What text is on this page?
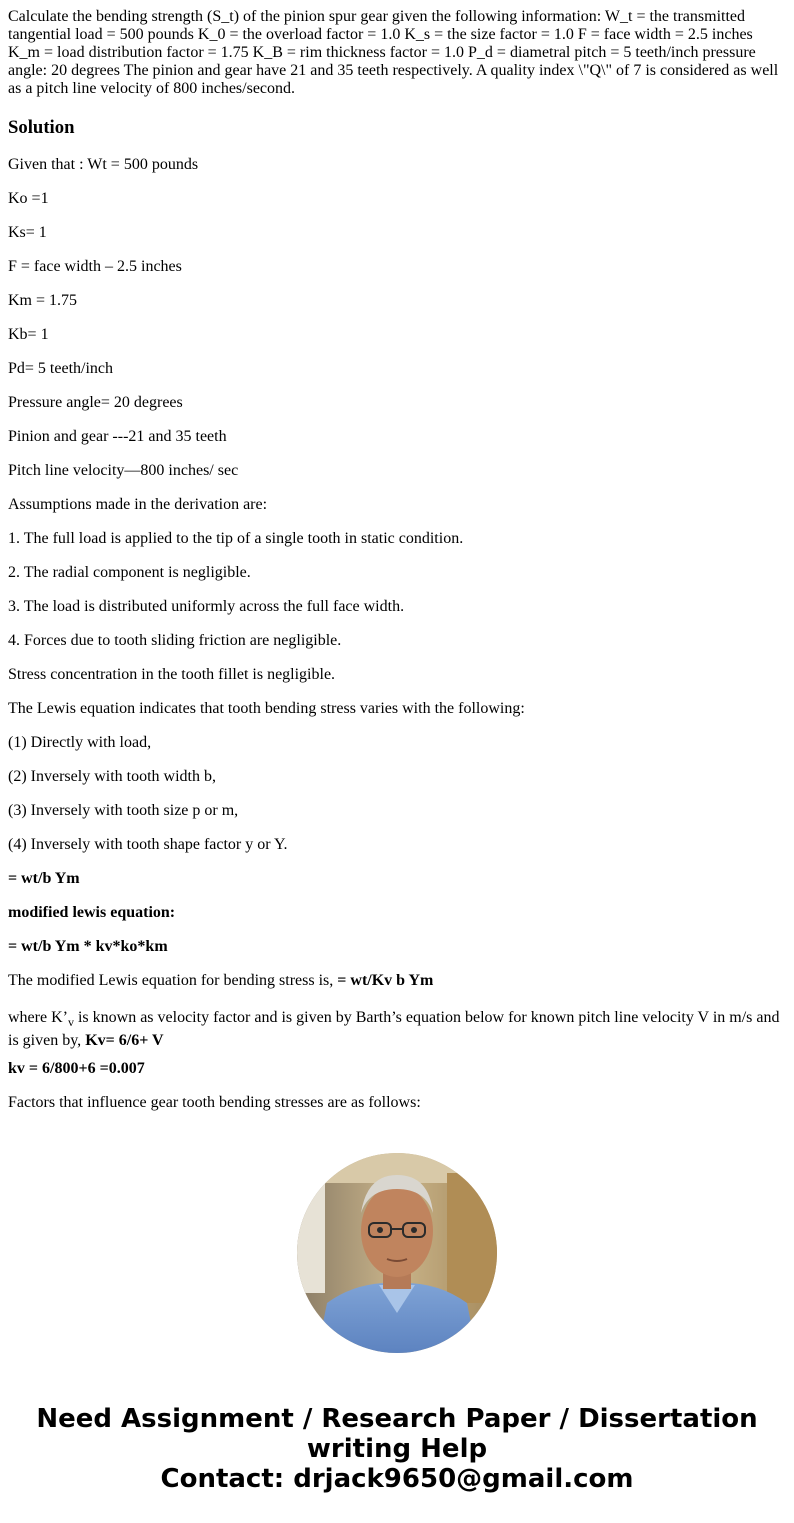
Calculate the bending strength (S_t) of the pinion spur gear given the following information: W_t = the transmitted tangential load = 500 pounds K_0 = the overload factor = 1.0 K_s = the size factor = 1.0 F = face width = 2.5 inches K_m = load distribution factor = 1.75 K_B = rim thickness factor = 1.0 P_d = diametral pitch = 5 teeth/inch pressure angle: 20 degrees The pinion and gear have 21 and 35 teeth respectively. A quality index \"Q\" of 7 is considered as well as a pitch line velocity of 800 inches/second.

Solution

Given that : Wt = 500 pounds

Ko =1

Ks= 1

F = face width – 2.5 inches

Km = 1.75

Kb= 1

Pd= 5 teeth/inch

Pressure angle= 20 degrees

Pinion and gear ---21 and 35 teeth

Pitch line velocity—800 inches/ sec

Assumptions made in the derivation are:

1. The full load is applied to the tip of a single tooth in static condition.

2. The radial component is negligible.

3. The load is distributed uniformly across the full face width.

4. Forces due to tooth sliding friction are negligible.

Stress concentration in the tooth fillet is negligible.

The Lewis equation indicates that tooth bending stress varies with the following:

(1) Directly with load,

(2) Inversely with tooth width b,

(3) Inversely with tooth size p or m,

(4) Inversely with tooth shape factor y or Y.

= wt/b Ym

modified lewis equation:

= wt/b Ym * kv*ko*km

The modified Lewis equation for bending stress is, = wt/Kv b Ym

where $K’_v$ is known as velocity factor and is given by Barth’s equation below for known pitch line velocity V in m/s and is given by, Kv= 6/6+ V

kv = 6/800+6 =0.007

Factors that influence gear tooth bending stresses are as follows:

Need Assignment / Research Paper / Dissertation
writing Help
Contact: drjack9650@gmail.com
